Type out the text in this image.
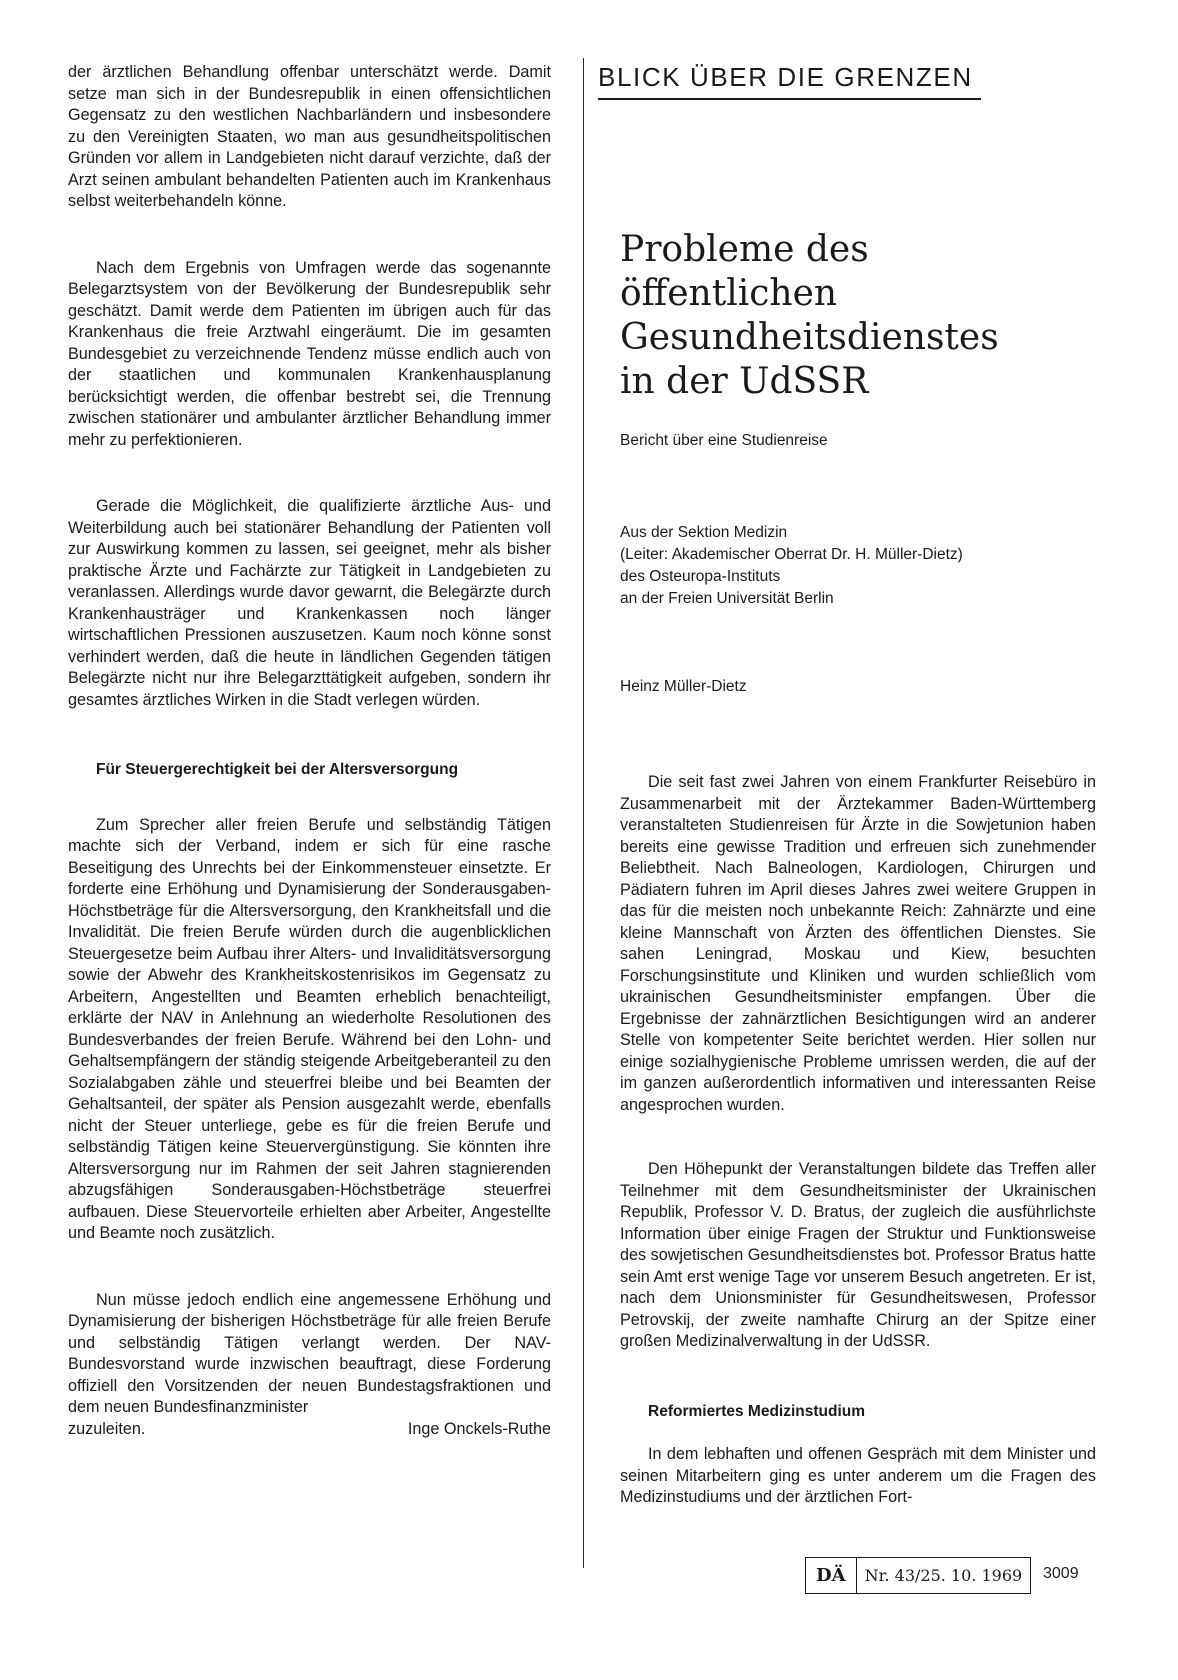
der ärztlichen Behandlung offenbar unterschätzt werde. Damit setze man sich in der Bundesrepublik in einen offensichtlichen Gegensatz zu den westlichen Nachbarländern und insbesondere zu den Vereinigten Staaten, wo man aus gesundheitspolitischen Gründen vor allem in Landgebieten nicht darauf verzichte, daß der Arzt seinen ambulant behandelten Patienten auch im Krankenhaus selbst weiterbehandeln könne.

Nach dem Ergebnis von Umfragen werde das sogenannte Belegarztsystem von der Bevölkerung der Bundesrepublik sehr geschätzt. Damit werde dem Patienten im übrigen auch für das Krankenhaus die freie Arztwahl eingeräumt. Die im gesamten Bundesgebiet zu verzeichnende Tendenz müsse endlich auch von der staatlichen und kommunalen Krankenhausplanung berücksichtigt werden, die offenbar bestrebt sei, die Trennung zwischen stationärer und ambulanter ärztlicher Behandlung immer mehr zu perfektionieren.

Gerade die Möglichkeit, die qualifizierte ärztliche Aus- und Weiterbildung auch bei stationärer Behandlung der Patienten voll zur Auswirkung kommen zu lassen, sei geeignet, mehr als bisher praktische Ärzte und Fachärzte zur Tätigkeit in Landgebieten zu veranlassen. Allerdings wurde davor gewarnt, die Belegärzte durch Krankenhausträger und Krankenkassen noch länger wirtschaftlichen Pressionen auszusetzen. Kaum noch könne sonst verhindert werden, daß die heute in ländlichen Gegenden tätigen Belegärzte nicht nur ihre Belegarzttätigkeit aufgeben, sondern ihr gesamtes ärztliches Wirken in die Stadt verlegen würden.

Für Steuergerechtigkeit bei der Altersversorgung

Zum Sprecher aller freien Berufe und selbständig Tätigen machte sich der Verband, indem er sich für eine rasche Beseitigung des Unrechts bei der Einkommensteuer einsetzte. Er forderte eine Erhöhung und Dynamisierung der Sonderausgaben-Höchstbeträge für die Altersversorgung, den Krankheitsfall und die Invalidität. Die freien Berufe würden durch die augenblicklichen Steuergesetze beim Aufbau ihrer Alters- und Invaliditätsversorgung sowie der Abwehr des Krankheitskostenrisikos im Gegensatz zu Arbeitern, Angestellten und Beamten erheblich benachteiligt, erklärte der NAV in Anlehnung an wiederholte Resolutionen des Bundesverbandes der freien Berufe. Während bei den Lohn- und Gehaltsempfängern der ständig steigende Arbeitgeberanteil zu den Sozialabgaben zähle und steuerfrei bleibe und bei Beamten der Gehaltsanteil, der später als Pension ausgezahlt werde, ebenfalls nicht der Steuer unterliege, gebe es für die freien Berufe und selbständig Tätigen keine Steuervergünstigung. Sie könnten ihre Altersversorgung nur im Rahmen der seit Jahren stagnierenden abzugsfähigen Sonderausgaben-Höchstbeträge steuerfrei aufbauen. Diese Steuervorteile erhielten aber Arbeiter, Angestellte und Beamte noch zusätzlich.

Nun müsse jedoch endlich eine angemessene Erhöhung und Dynamisierung der bisherigen Höchstbeträge für alle freien Berufe und selbständig Tätigen verlangt werden. Der NAV-Bundesvorstand wurde inzwischen beauftragt, diese Forderung offiziell den Vorsitzenden der neuen Bundestagsfraktionen und dem neuen Bundesfinanzminister

zuzuleiten.	Inge Onckels-Ruthe
BLICK ÜBER DIE GRENZEN
Probleme des
öffentlichen
Gesundheitsdienstes
in der UdSSR
Bericht über eine Studienreise
Aus der Sektion Medizin
(Leiter: Akademischer Oberrat Dr. H. Müller-Dietz)
des Osteuropa-Instituts
an der Freien Universität Berlin
Heinz Müller-Dietz

Die seit fast zwei Jahren von einem Frankfurter Reisebüro in Zusammenarbeit mit der Ärztekammer Baden-Württemberg veranstalteten Studienreisen für Ärzte in die Sowjetunion haben bereits eine gewisse Tradition und erfreuen sich zunehmender Beliebtheit. Nach Balneologen, Kardiologen, Chirurgen und Pädiatern fuhren im April dieses Jahres zwei weitere Gruppen in das für die meisten noch unbekannte Reich: Zahnärzte und eine kleine Mannschaft von Ärzten des öffentlichen Dienstes. Sie sahen Leningrad, Moskau und Kiew, besuchten Forschungsinstitute und Kliniken und wurden schließlich vom ukrainischen Gesundheitsminister empfangen. Über die Ergebnisse der zahnärztlichen Besichtigungen wird an anderer Stelle von kompetenter Seite berichtet werden. Hier sollen nur einige sozialhygienische Probleme umrissen werden, die auf der im ganzen außerordentlich informativen und interessanten Reise angesprochen wurden.

Den Höhepunkt der Veranstaltungen bildete das Treffen aller Teilnehmer mit dem Gesundheitsminister der Ukrainischen Republik, Professor V. D. Bratus, der zugleich die ausführlichste Information über einige Fragen der Struktur und Funktionsweise des sowjetischen Gesundheitsdienstes bot. Professor Bratus hatte sein Amt erst wenige Tage vor unserem Besuch angetreten. Er ist, nach dem Unionsminister für Gesundheitswesen, Professor Petrovskij, der zweite namhafte Chirurg an der Spitze einer großen Medizinalverwaltung in der UdSSR.

Reformiertes Medizinstudium

In dem lebhaften und offenen Gespräch mit dem Minister und seinen Mitarbeitern ging es unter anderem um die Fragen des Medizinstudiums und der ärztlichen Fort-

DÄ	Nr. 43/25. 10. 1969	3009
